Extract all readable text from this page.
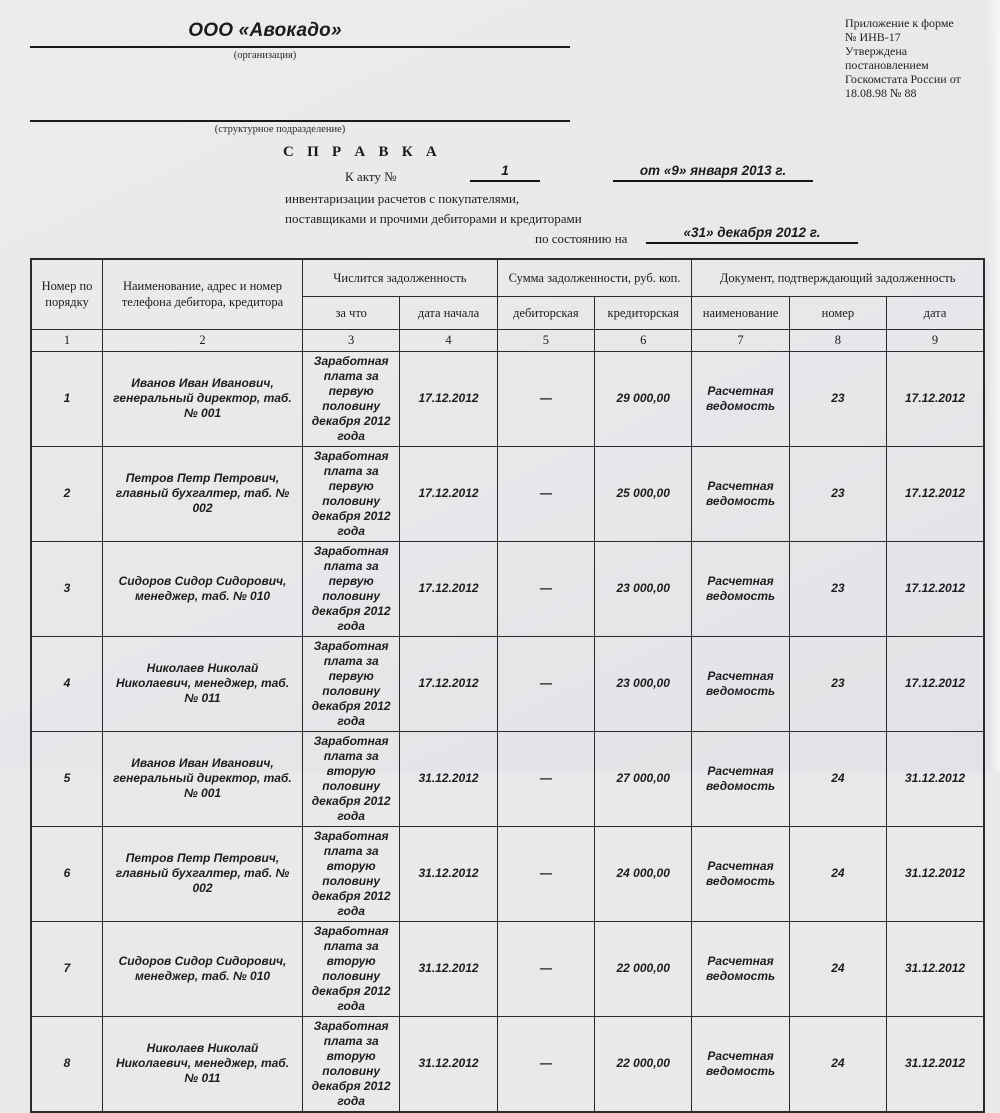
ООО «Авокадо»
(организация)
(структурное подразделение)
Приложение к форме
№ ИНВ-17
Утверждена
постановлением
Госкомстата России от
18.08.98 № 88
С П Р А В К А
К акту №	1	от «9» января 2013 г.
инвентаризации расчетов с покупателями,
поставщиками и прочими дебиторами и кредиторами
по состоянию на	«31» декабря 2012 г.
Номер по порядку	Наименование, адрес и номер телефона дебитора, кредитора	Числится задолженность		Сумма задолженности, руб. коп.		Документ, подтверждающий задолженность		
		за что	дата начала	дебиторская	кредиторская	наименование	номер	дата
1	2	3	4	5	6	7	8	9
1	Иванов Иван Иванович, генеральный директор, таб. № 001	Заработная плата за первую половину декабря 2012 года	17.12.2012	—	29 000,00	Расчетная ведомость	23	17.12.2012
2	Петров Петр Петрович, главный бухгалтер, таб. № 002	Заработная плата за первую половину декабря 2012 года	17.12.2012	—	25 000,00	Расчетная ведомость	23	17.12.2012
3	Сидоров Сидор Сидорович, менеджер, таб. № 010	Заработная плата за первую половину декабря 2012 года	17.12.2012	—	23 000,00	Расчетная ведомость	23	17.12.2012
4	Николаев Николай Николаевич, менеджер, таб. № 011	Заработная плата за первую половину декабря 2012 года	17.12.2012	—	23 000,00	Расчетная ведомость	23	17.12.2012
5	Иванов Иван Иванович, генеральный директор, таб. № 001	Заработная плата за вторую половину декабря 2012 года	31.12.2012	—	27 000,00	Расчетная ведомость	24	31.12.2012
6	Петров Петр Петрович, главный бухгалтер, таб. № 002	Заработная плата за вторую половину декабря 2012 года	31.12.2012	—	24 000,00	Расчетная ведомость	24	31.12.2012
7	Сидоров Сидор Сидорович, менеджер, таб. № 010	Заработная плата за вторую половину декабря 2012 года	31.12.2012	—	22 000,00	Расчетная ведомость	24	31.12.2012
8	Николаев Николай Николаевич, менеджер, таб. № 011	Заработная плата за вторую половину декабря 2012 года	31.12.2012	—	22 000,00	Расчетная ведомость	24	31.12.2012
